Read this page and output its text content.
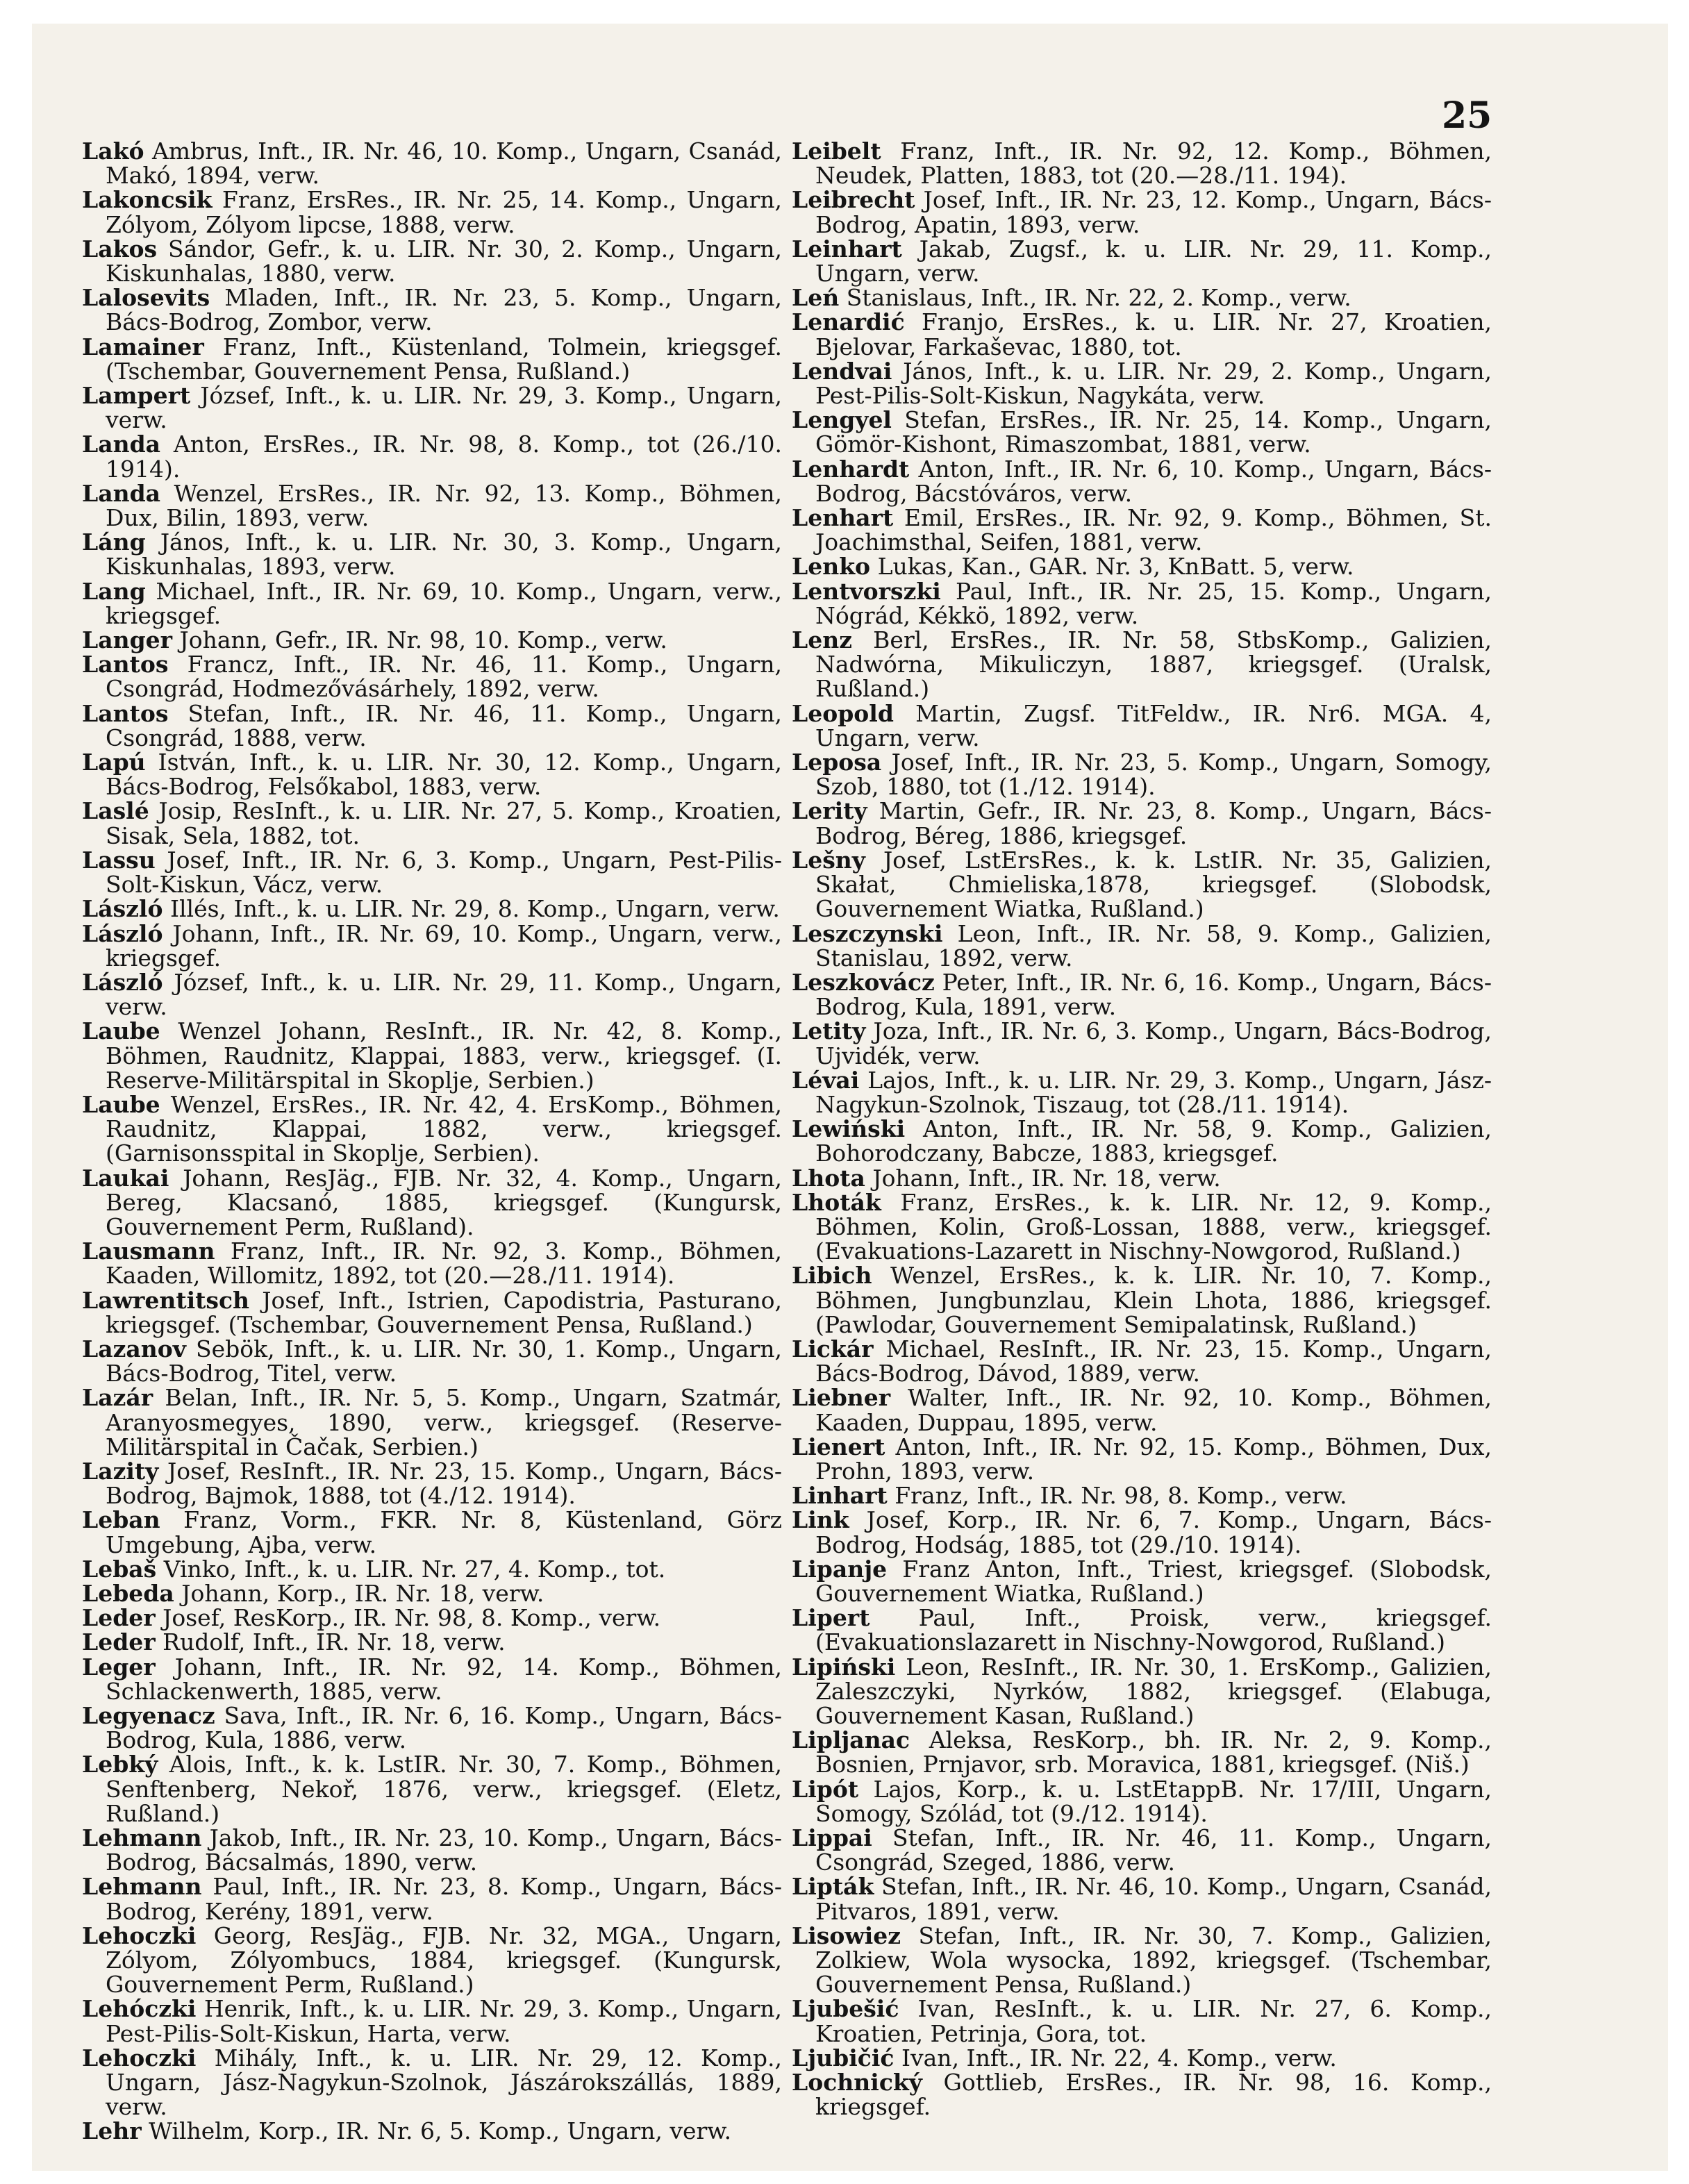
25
Lakó Ambrus, Inft., IR. Nr. 46, 10. Komp., Ungarn, Csanád, Makó, 1894, verw.
Lakoncsik Franz, ErsRes., IR. Nr. 25, 14. Komp., Ungarn, Zólyom, Zólyom lipcse, 1888, verw.
Lakos Sándor, Gefr., k. u. LIR. Nr. 30, 2. Komp., Ungarn, Kiskunhalas, 1880, verw.
Lalosevits Mladen, Inft., IR. Nr. 23, 5. Komp., Ungarn, Bács-Bodrog, Zombor, verw.
Lamainer Franz, Inft., Küstenland, Tolmein, kriegsgef. (Tschembar, Gouvernement Pensa, Rußland.)
Lampert József, Inft., k. u. LIR. Nr. 29, 3. Komp., Ungarn, verw.
Landa Anton, ErsRes., IR. Nr. 98, 8. Komp., tot (26./10. 1914).
Landa Wenzel, ErsRes., IR. Nr. 92, 13. Komp., Böhmen, Dux, Bilin, 1893, verw.
Láng János, Inft., k. u. LIR. Nr. 30, 3. Komp., Ungarn, Kiskunhalas, 1893, verw.
Lang Michael, Inft., IR. Nr. 69, 10. Komp., Ungarn, verw., kriegsgef.
Langer Johann, Gefr., IR. Nr. 98, 10. Komp., verw.
Lantos Francz, Inft., IR. Nr. 46, 11. Komp., Ungarn, Csongrád, Hodmezővásárhely, 1892, verw.
Lantos Stefan, Inft., IR. Nr. 46, 11. Komp., Ungarn, Csongrád, 1888, verw.
Lapú István, Inft., k. u. LIR. Nr. 30, 12. Komp., Ungarn, Bács-Bodrog, Felsőkabol, 1883, verw.
Laslé Josip, ResInft., k. u. LIR. Nr. 27, 5. Komp., Kroatien, Sisak, Sela, 1882, tot.
Lassu Josef, Inft., IR. Nr. 6, 3. Komp., Ungarn, Pest-Pilis-Solt-Kiskun, Vácz, verw.
László Illés, Inft., k. u. LIR. Nr. 29, 8. Komp., Ungarn, verw.
László Johann, Inft., IR. Nr. 69, 10. Komp., Ungarn, verw., kriegsgef.
László József, Inft., k. u. LIR. Nr. 29, 11. Komp., Ungarn, verw.
Laube Wenzel Johann, ResInft., IR. Nr. 42, 8. Komp., Böhmen, Raudnitz, Klappai, 1883, verw., kriegsgef. (I. Reserve-Militärspital in Skoplje, Serbien.)
Laube Wenzel, ErsRes., IR. Nr. 42, 4. ErsKomp., Böhmen, Raudnitz, Klappai, 1882, verw., kriegsgef. (Garnisonsspital in Skoplje, Serbien).
Laukai Johann, ResJäg., FJB. Nr. 32, 4. Komp., Ungarn, Bereg, Klacsanó, 1885, kriegsgef. (Kungursk, Gouvernement Perm, Rußland).
Lausmann Franz, Inft., IR. Nr. 92, 3. Komp., Böhmen, Kaaden, Willomitz, 1892, tot (20.—28./11. 1914).
Lawrentitsch Josef, Inft., Istrien, Capodistria, Pasturano, kriegsgef. (Tschembar, Gouvernement Pensa, Rußland.)
Lazanov Sebök, Inft., k. u. LIR. Nr. 30, 1. Komp., Ungarn, Bács-Bodrog, Titel, verw.
Lazár Belan, Inft., IR. Nr. 5, 5. Komp., Ungarn, Szatmár, Aranyosmegyes, 1890, verw., kriegsgef. (Reserve-Militärspital in Čačak, Serbien.)
Lazity Josef, ResInft., IR. Nr. 23, 15. Komp., Ungarn, Bács-Bodrog, Bajmok, 1888, tot (4./12. 1914).
Leban Franz, Vorm., FKR. Nr. 8, Küstenland, Görz Umgebung, Ajba, verw.
Lebaš Vinko, Inft., k. u. LIR. Nr. 27, 4. Komp., tot.
Lebeda Johann, Korp., IR. Nr. 18, verw.
Leder Josef, ResKorp., IR. Nr. 98, 8. Komp., verw.
Leder Rudolf, Inft., IR. Nr. 18, verw.
Leger Johann, Inft., IR. Nr. 92, 14. Komp., Böhmen, Schlackenwerth, 1885, verw.
Legyenacz Sava, Inft., IR. Nr. 6, 16. Komp., Ungarn, Bács-Bodrog, Kula, 1886, verw.
Lebký Alois, Inft., k. k. LstIR. Nr. 30, 7. Komp., Böhmen, Senftenberg, Nekoř, 1876, verw., kriegsgef. (Eletz, Rußland.)
Lehmann Jakob, Inft., IR. Nr. 23, 10. Komp., Ungarn, Bács-Bodrog, Bácsalmás, 1890, verw.
Lehmann Paul, Inft., IR. Nr. 23, 8. Komp., Ungarn, Bács-Bodrog, Kerény, 1891, verw.
Lehoczki Georg, ResJäg., FJB. Nr. 32, MGA., Ungarn, Zólyom, Zólyombucs, 1884, kriegsgef. (Kungursk, Gouvernement Perm, Rußland.)
Lehóczki Henrik, Inft., k. u. LIR. Nr. 29, 3. Komp., Ungarn, Pest-Pilis-Solt-Kiskun, Harta, verw.
Lehoczki Mihály, Inft., k. u. LIR. Nr. 29, 12. Komp., Ungarn, Jász-Nagykun-Szolnok, Jászárokszállás, 1889, verw.
Lehr Wilhelm, Korp., IR. Nr. 6, 5. Komp., Ungarn, verw.
Leibelt Franz, Inft., IR. Nr. 92, 12. Komp., Böhmen, Neudek, Platten, 1883, tot (20.—28./11. 194).
Leibrecht Josef, Inft., IR. Nr. 23, 12. Komp., Ungarn, Bács-Bodrog, Apatin, 1893, verw.
Leinhart Jakab, Zugsf., k. u. LIR. Nr. 29, 11. Komp., Ungarn, verw.
Leń Stanislaus, Inft., IR. Nr. 22, 2. Komp., verw.
Lenardić Franjo, ErsRes., k. u. LIR. Nr. 27, Kroatien, Bjelovar, Farkaševac, 1880, tot.
Lendvai János, Inft., k. u. LIR. Nr. 29, 2. Komp., Ungarn, Pest-Pilis-Solt-Kiskun, Nagykáta, verw.
Lengyel Stefan, ErsRes., IR. Nr. 25, 14. Komp., Ungarn, Gömör-Kishont, Rimaszombat, 1881, verw.
Lenhardt Anton, Inft., IR. Nr. 6, 10. Komp., Ungarn, Bács-Bodrog, Bácstóváros, verw.
Lenhart Emil, ErsRes., IR. Nr. 92, 9. Komp., Böhmen, St. Joachimsthal, Seifen, 1881, verw.
Lenko Lukas, Kan., GAR. Nr. 3, KnBatt. 5, verw.
Lentvorszki Paul, Inft., IR. Nr. 25, 15. Komp., Ungarn, Nógrád, Kékkö, 1892, verw.
Lenz Berl, ErsRes., IR. Nr. 58, StbsKomp., Galizien, Nadwórna, Mikuliczyn, 1887, kriegsgef. (Uralsk, Rußland.)
Leopold Martin, Zugsf. TitFeldw., IR. Nr6. MGA. 4, Ungarn, verw.
Leposa Josef, Inft., IR. Nr. 23, 5. Komp., Ungarn, Somogy, Szob, 1880, tot (1./12. 1914).
Lerity Martin, Gefr., IR. Nr. 23, 8. Komp., Ungarn, Bács-Bodrog, Béreg, 1886, kriegsgef.
Lešny Josef, LstErsRes., k. k. LstIR. Nr. 35, Galizien, Skałat, Chmieliska,1878, kriegsgef. (Slobodsk, Gouvernement Wiatka, Rußland.)
Leszczynski Leon, Inft., IR. Nr. 58, 9. Komp., Galizien, Stanislau, 1892, verw.
Leszkovácz Peter, Inft., IR. Nr. 6, 16. Komp., Ungarn, Bács-Bodrog, Kula, 1891, verw.
Letity Joza, Inft., IR. Nr. 6, 3. Komp., Ungarn, Bács-Bodrog, Ujvidék, verw.
Lévai Lajos, Inft., k. u. LIR. Nr. 29, 3. Komp., Ungarn, Jász-Nagykun-Szolnok, Tiszaug, tot (28./11. 1914).
Lewiński Anton, Inft., IR. Nr. 58, 9. Komp., Galizien, Bohorodczany, Babcze, 1883, kriegsgef.
Lhota Johann, Inft., IR. Nr. 18, verw.
Lhoták Franz, ErsRes., k. k. LIR. Nr. 12, 9. Komp., Böhmen, Kolin, Groß-Lossan, 1888, verw., kriegsgef. (Evakuations-Lazarett in Nischny-Nowgorod, Rußland.)
Libich Wenzel, ErsRes., k. k. LIR. Nr. 10, 7. Komp., Böhmen, Jungbunzlau, Klein Lhota, 1886, kriegsgef. (Pawlodar, Gouvernement Semipalatinsk, Rußland.)
Lickár Michael, ResInft., IR. Nr. 23, 15. Komp., Ungarn, Bács-Bodrog, Dávod, 1889, verw.
Liebner Walter, Inft., IR. Nr. 92, 10. Komp., Böhmen, Kaaden, Duppau, 1895, verw.
Lienert Anton, Inft., IR. Nr. 92, 15. Komp., Böhmen, Dux, Prohn, 1893, verw.
Linhart Franz, Inft., IR. Nr. 98, 8. Komp., verw.
Link Josef, Korp., IR. Nr. 6, 7. Komp., Ungarn, Bács-Bodrog, Hodság, 1885, tot (29./10. 1914).
Lipanje Franz Anton, Inft., Triest, kriegsgef. (Slobodsk, Gouvernement Wiatka, Rußland.)
Lipert Paul, Inft., Proisk, verw., kriegsgef. (Evakuationslazarett in Nischny-Nowgorod, Rußland.)
Lipiński Leon, ResInft., IR. Nr. 30, 1. ErsKomp., Galizien, Zaleszczyki, Nyrków, 1882, kriegsgef. (Elabuga, Gouvernement Kasan, Rußland.)
Lipljanac Aleksa, ResKorp., bh. IR. Nr. 2, 9. Komp., Bosnien, Prnjavor, srb. Moravica, 1881, kriegsgef. (Niš.)
Lipót Lajos, Korp., k. u. LstEtappB. Nr. 17/III, Ungarn, Somogy, Szólád, tot (9./12. 1914).
Lippai Stefan, Inft., IR. Nr. 46, 11. Komp., Ungarn, Csongrád, Szeged, 1886, verw.
Lipták Stefan, Inft., IR. Nr. 46, 10. Komp., Ungarn, Csanád, Pitvaros, 1891, verw.
Lisowiez Stefan, Inft., IR. Nr. 30, 7. Komp., Galizien, Zolkiew, Wola wysocka, 1892, kriegsgef. (Tschembar, Gouvernement Pensa, Rußland.)
Ljubešić Ivan, ResInft., k. u. LIR. Nr. 27, 6. Komp., Kroatien, Petrinja, Gora, tot.
Ljubičić Ivan, Inft., IR. Nr. 22, 4. Komp., verw.
Lochnický Gottlieb, ErsRes., IR. Nr. 98, 16. Komp., kriegsgef.
